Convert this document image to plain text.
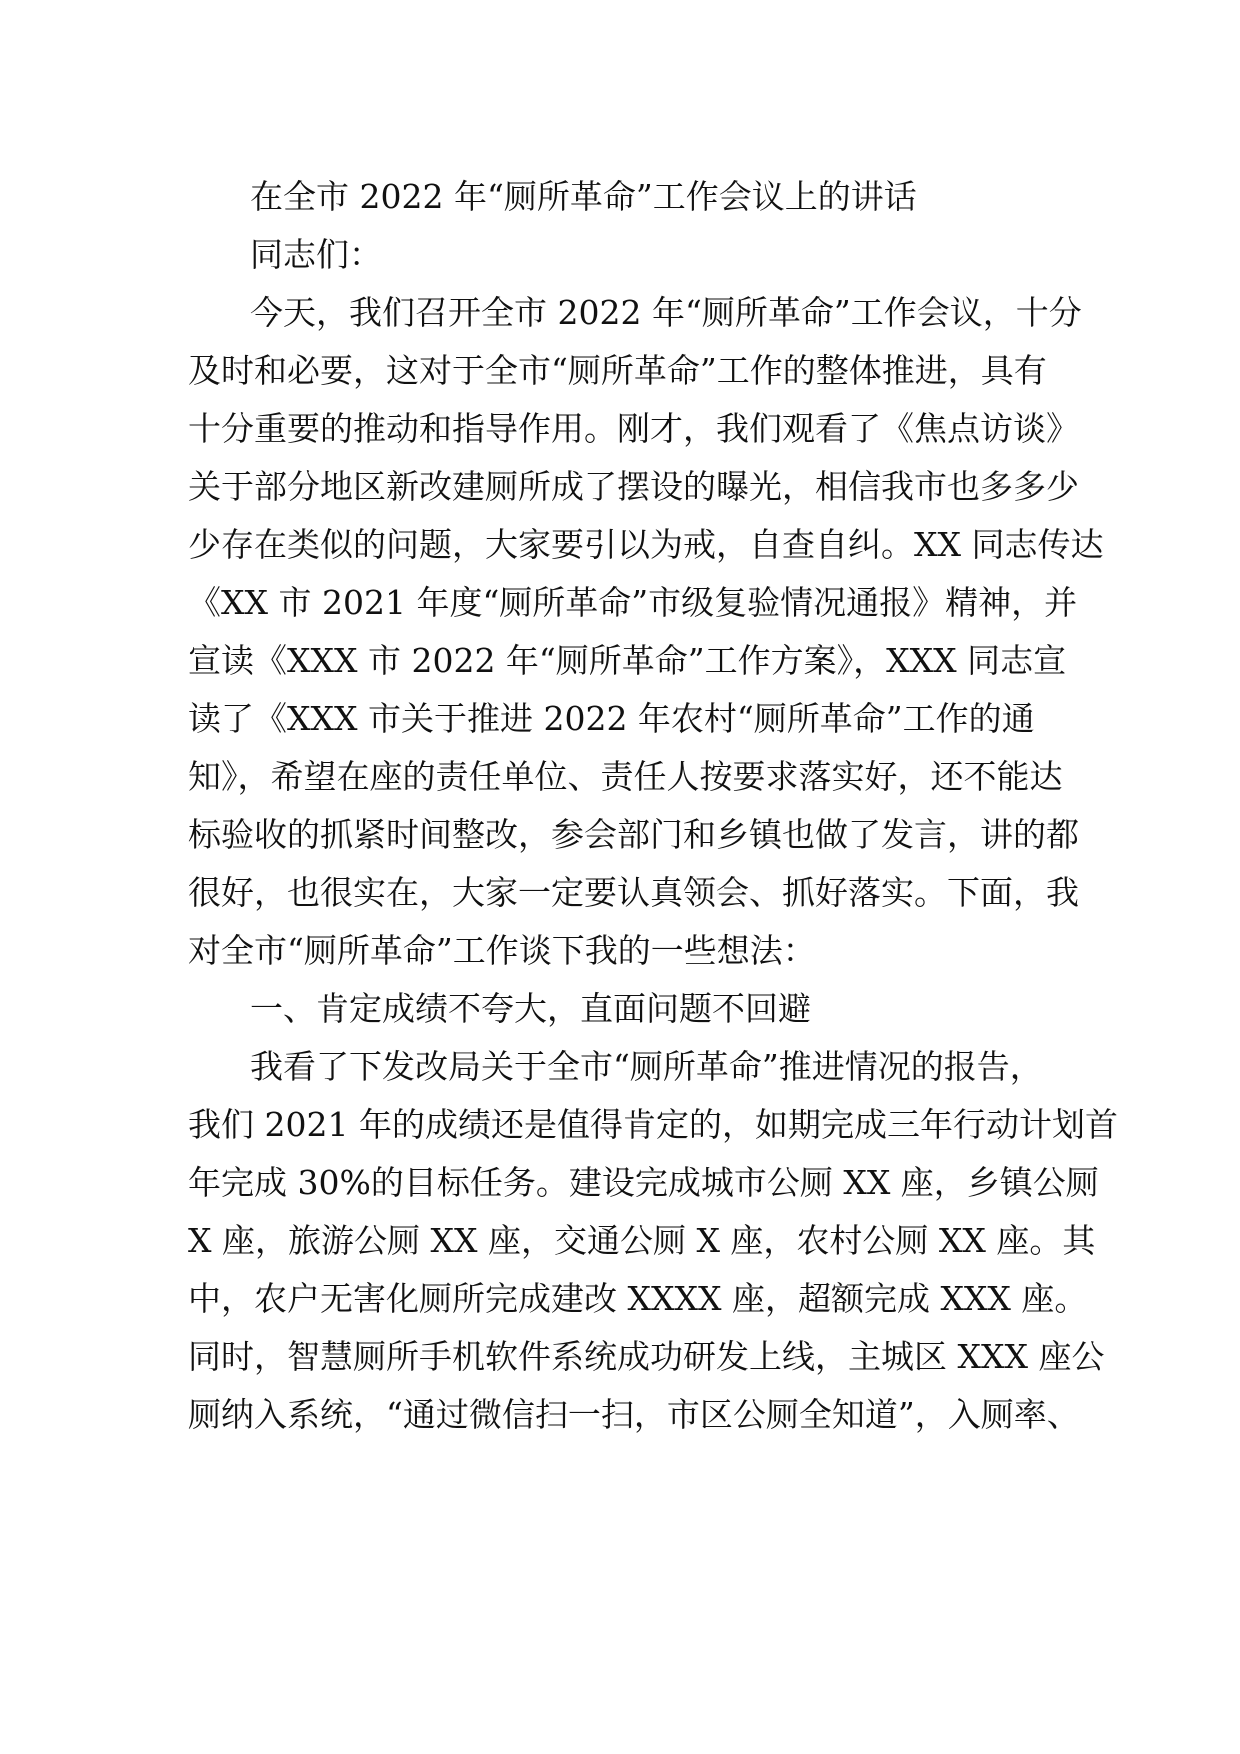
在全市 2022 年“厕所革命”工作会议上的讲话
同志们：
今天，我们召开全市 2022 年“厕所革命”工作会议，十分
及时和必要，这对于全市“厕所革命”工作的整体推进，具有
十分重要的推动和指导作用。刚才，我们观看了《焦点访谈》
关于部分地区新改建厕所成了摆设的曝光，相信我市也多多少
少存在类似的问题，大家要引以为戒，自查自纠。XX 同志传达
《XX 市 2021 年度“厕所革命”市级复验情况通报》精神，并
宣读《XXX 市 2022 年“厕所革命”工作方案》，XXX 同志宣
读了《XXX 市关于推进 2022 年农村“厕所革命”工作的通
知》，希望在座的责任单位、责任人按要求落实好，还不能达
标验收的抓紧时间整改，参会部门和乡镇也做了发言，讲的都
很好，也很实在，大家一定要认真领会、抓好落实。下面，我
对全市“厕所革命”工作谈下我的一些想法：
一、肯定成绩不夸大，直面问题不回避
我看了下发改局关于全市“厕所革命”推进情况的报告，
我们 2021 年的成绩还是值得肯定的，如期完成三年行动计划首
年完成 30%的目标任务。建设完成城市公厕 XX 座，乡镇公厕
X 座，旅游公厕 XX 座，交通公厕 X 座，农村公厕 XX 座。其
中，农户无害化厕所完成建改 XXXX 座，超额完成 XXX 座。
同时，智慧厕所手机软件系统成功研发上线，主城区 XXX 座公
厕纳入系统，“通过微信扫一扫，市区公厕全知道”，入厕率、
